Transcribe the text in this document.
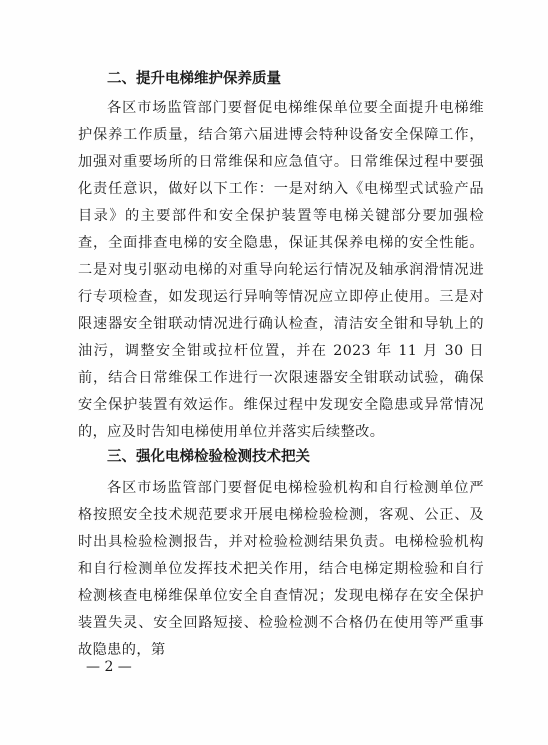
二、提升电梯维护保养质量

各区市场监管部门要督促电梯维保单位要全面提升电梯维护保养工作质量，结合第六届进博会特种设备安全保障工作，加强对重要场所的日常维保和应急值守。日常维保过程中要强化责任意识，做好以下工作：一是对纳入《电梯型式试验产品目录》的主要部件和安全保护装置等电梯关键部分要加强检查，全面排查电梯的安全隐患，保证其保养电梯的安全性能。二是对曳引驱动电梯的对重导向轮运行情况及轴承润滑情况进行专项检查，如发现运行异响等情况应立即停止使用。三是对限速器安全钳联动情况进行确认检查，清洁安全钳和导轨上的油污，调整安全钳或拉杆位置，并在 2023 年 11 月 30 日前，结合日常维保工作进行一次限速器安全钳联动试验，确保安全保护装置有效运作。维保过程中发现安全隐患或异常情况的，应及时告知电梯使用单位并落实后续整改。

三、强化电梯检验检测技术把关

各区市场监管部门要督促电梯检验机构和自行检测单位严格按照安全技术规范要求开展电梯检验检测，客观、公正、及时出具检验检测报告，并对检验检测结果负责。电梯检验机构和自行检测单位发挥技术把关作用，结合电梯定期检验和自行检测核查电梯维保单位安全自查情况；发现电梯存在安全保护装置失灵、安全回路短接、检验检测不合格仍在使用等严重事故隐患的，第

— 2 —
